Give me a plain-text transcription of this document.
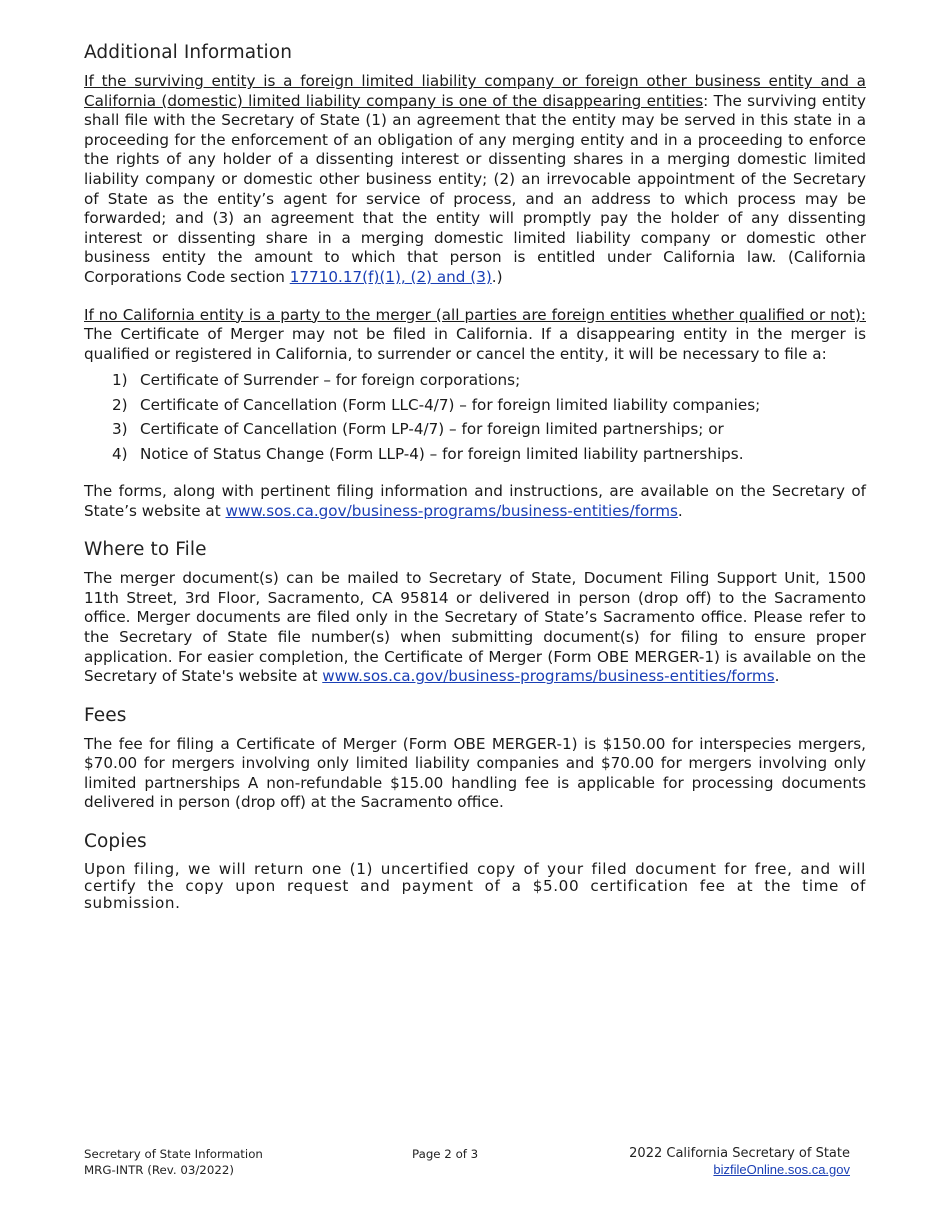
Additional Information

If the surviving entity is a foreign limited liability company or foreign other business entity and a California (domestic) limited liability company is one of the disappearing entities: The surviving entity shall file with the Secretary of State (1) an agreement that the entity may be served in this state in a proceeding for the enforcement of an obligation of any merging entity and in a proceeding to enforce the rights of any holder of a dissenting interest or dissenting shares in a merging domestic limited liability company or domestic other business entity; (2) an irrevocable appointment of the Secretary of State as the entity’s agent for service of process, and an address to which process may be forwarded; and (3) an agreement that the entity will promptly pay the holder of any dissenting interest or dissenting share in a merging domestic limited liability company or domestic other business entity the amount to which that person is entitled under California law. (California Corporations Code section 17710.17(f)(1), (2) and (3).)

If no California entity is a party to the merger (all parties are foreign entities whether qualified or not): The Certificate of Merger may not be filed in California. If a disappearing entity in the merger is qualified or registered in California, to surrender or cancel the entity, it will be necessary to file a:

1) Certificate of Surrender – for foreign corporations;
2) Certificate of Cancellation (Form LLC-4/7) – for foreign limited liability companies;
3) Certificate of Cancellation (Form LP-4/7) – for foreign limited partnerships; or
4) Notice of Status Change (Form LLP-4) – for foreign limited liability partnerships.

The forms, along with pertinent filing information and instructions, are available on the Secretary of State’s website at www.sos.ca.gov/business-programs/business-entities/forms.

Where to File

The merger document(s) can be mailed to Secretary of State, Document Filing Support Unit, 1500 11th Street, 3rd Floor, Sacramento, CA 95814 or delivered in person (drop off) to the Sacramento office. Merger documents are filed only in the Secretary of State’s Sacramento office. Please refer to the Secretary of State file number(s) when submitting document(s) for filing to ensure proper application. For easier completion, the Certificate of Merger (Form OBE MERGER-1) is available on the Secretary of State's website at www.sos.ca.gov/business-programs/business-entities/forms.

Fees

The fee for filing a Certificate of Merger (Form OBE MERGER-1) is $150.00 for interspecies mergers, $70.00 for mergers involving only limited liability companies and $70.00 for mergers involving only limited partnerships A non-refundable $15.00 handling fee is applicable for processing documents delivered in person (drop off) at the Sacramento office.

Copies

Upon filing, we will return one (1) uncertified copy of your filed document for free, and will certify the copy upon request and payment of a $5.00 certification fee at the time of submission.

Secretary of State Information
MRG-INTR (Rev. 03/2022)
Page 2 of 3	2022 California Secretary of State
bizfileOnline.sos.ca.gov
